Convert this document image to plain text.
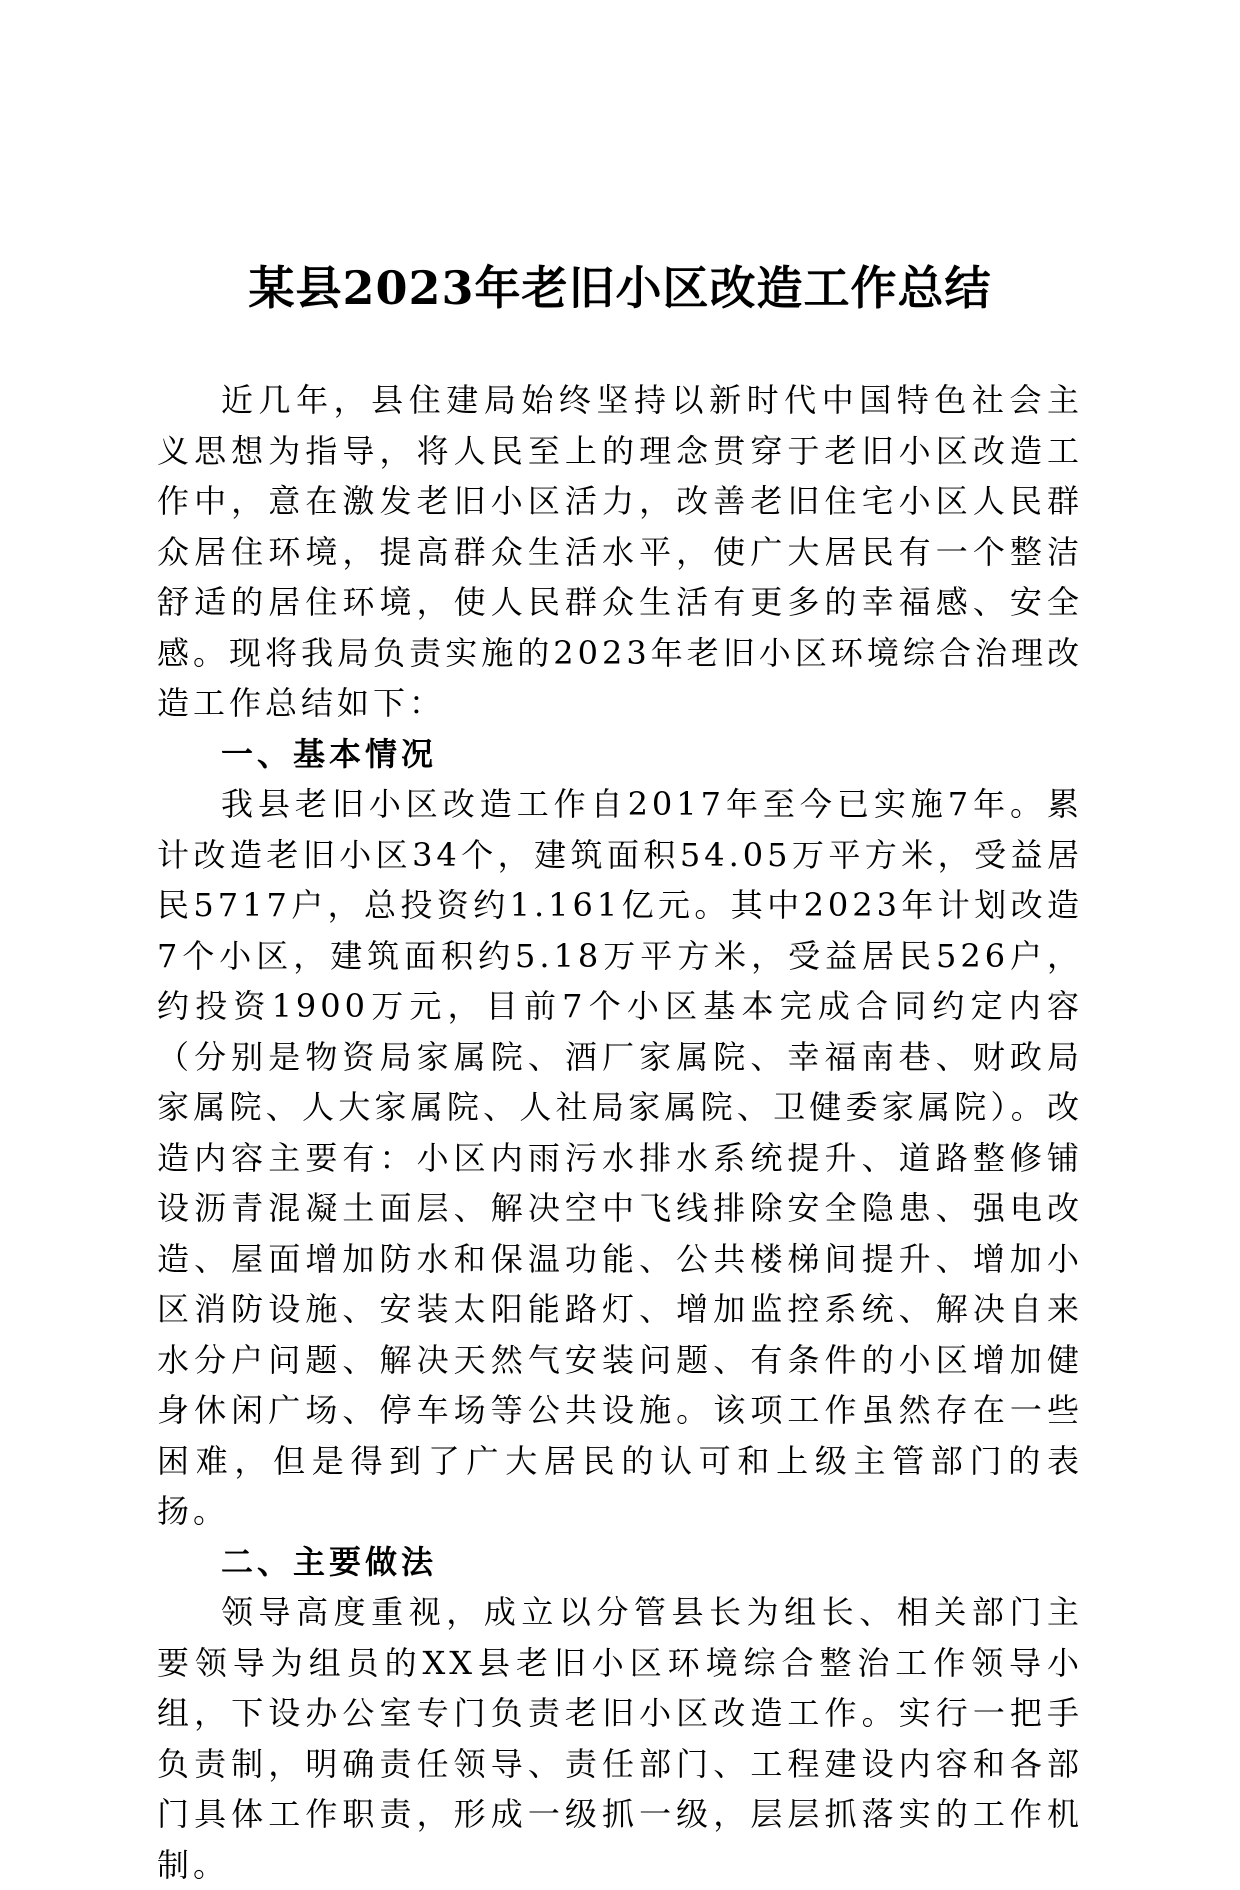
某县2023年老旧小区改造工作总结

近几年，县住建局始终坚持以新时代中国特色社会主义思想为指导，将人民至上的理念贯穿于老旧小区改造工作中，意在激发老旧小区活力，改善老旧住宅小区人民群众居住环境，提高群众生活水平，使广大居民有一个整洁舒适的居住环境，使人民群众生活有更多的幸福感、安全感。现将我局负责实施的2023年老旧小区环境综合治理改造工作总结如下：

一、基本情况

我县老旧小区改造工作自2017年至今已实施7年。累计改造老旧小区34个，建筑面积54.05万平方米，受益居民5717户，总投资约1.161亿元。其中2023年计划改造7个小区，建筑面积约5.18万平方米，受益居民526户，约投资1900万元，目前7个小区基本完成合同约定内容（分别是物资局家属院、酒厂家属院、幸福南巷、财政局家属院、人大家属院、人社局家属院、卫健委家属院）。改造内容主要有：小区内雨污水排水系统提升、道路整修铺设沥青混凝土面层、解决空中飞线排除安全隐患、强电改造、屋面增加防水和保温功能、公共楼梯间提升、增加小区消防设施、安装太阳能路灯、增加监控系统、解决自来水分户问题、解决天然气安装问题、有条件的小区增加健身休闲广场、停车场等公共设施。该项工作虽然存在一些困难，但是得到了广大居民的认可和上级主管部门的表扬。

二、主要做法

领导高度重视，成立以分管县长为组长、相关部门主要领导为组员的XX县老旧小区环境综合整治工作领导小组，下设办公室专门负责老旧小区改造工作。实行一把手负责制，明确责任领导、责任部门、工程建设内容和各部门具体工作职责，形成一级抓一级，层层抓落实的工作机制。
